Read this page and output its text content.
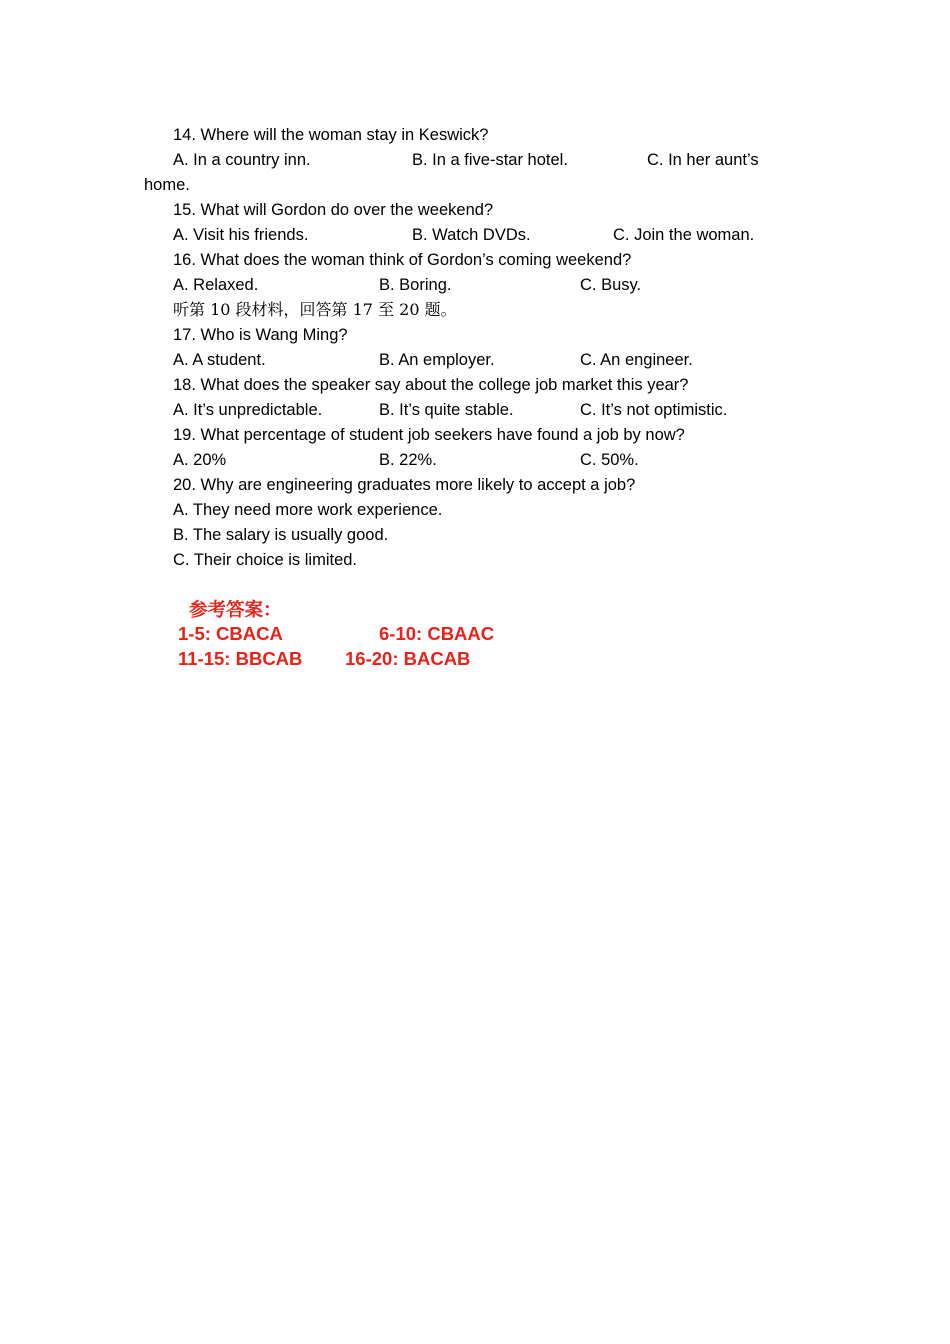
14. Where will the woman stay in Keswick?
A. In a country inn.	B. In a five-star hotel.	C. In her aunt’s
home.
15. What will Gordon do over the weekend?
A. Visit his friends.	B. Watch DVDs.	C. Join the woman.
16. What does the woman think of Gordon’s coming weekend?
A. Relaxed.	B. Boring.	C. Busy.
听第 10 段材料，回答第 17 至 20 题。
17. Who is Wang Ming?
A. A student.	B. An employer.	C. An engineer.
18. What does the speaker say about the college job market this year?
A. It’s unpredictable.	B. It’s quite stable.	C. It’s not optimistic.
19. What percentage of student job seekers have found a job by now?
A. 20%	B. 22%.	C. 50%.
20. Why are engineering graduates more likely to accept a job?
A. They need more work experience.
B. The salary is usually good.
C. Their choice is limited.
参考答案：
1-5: CBACA	6-10: CBAAC
11-15: BBCAB 16-20: BACAB
